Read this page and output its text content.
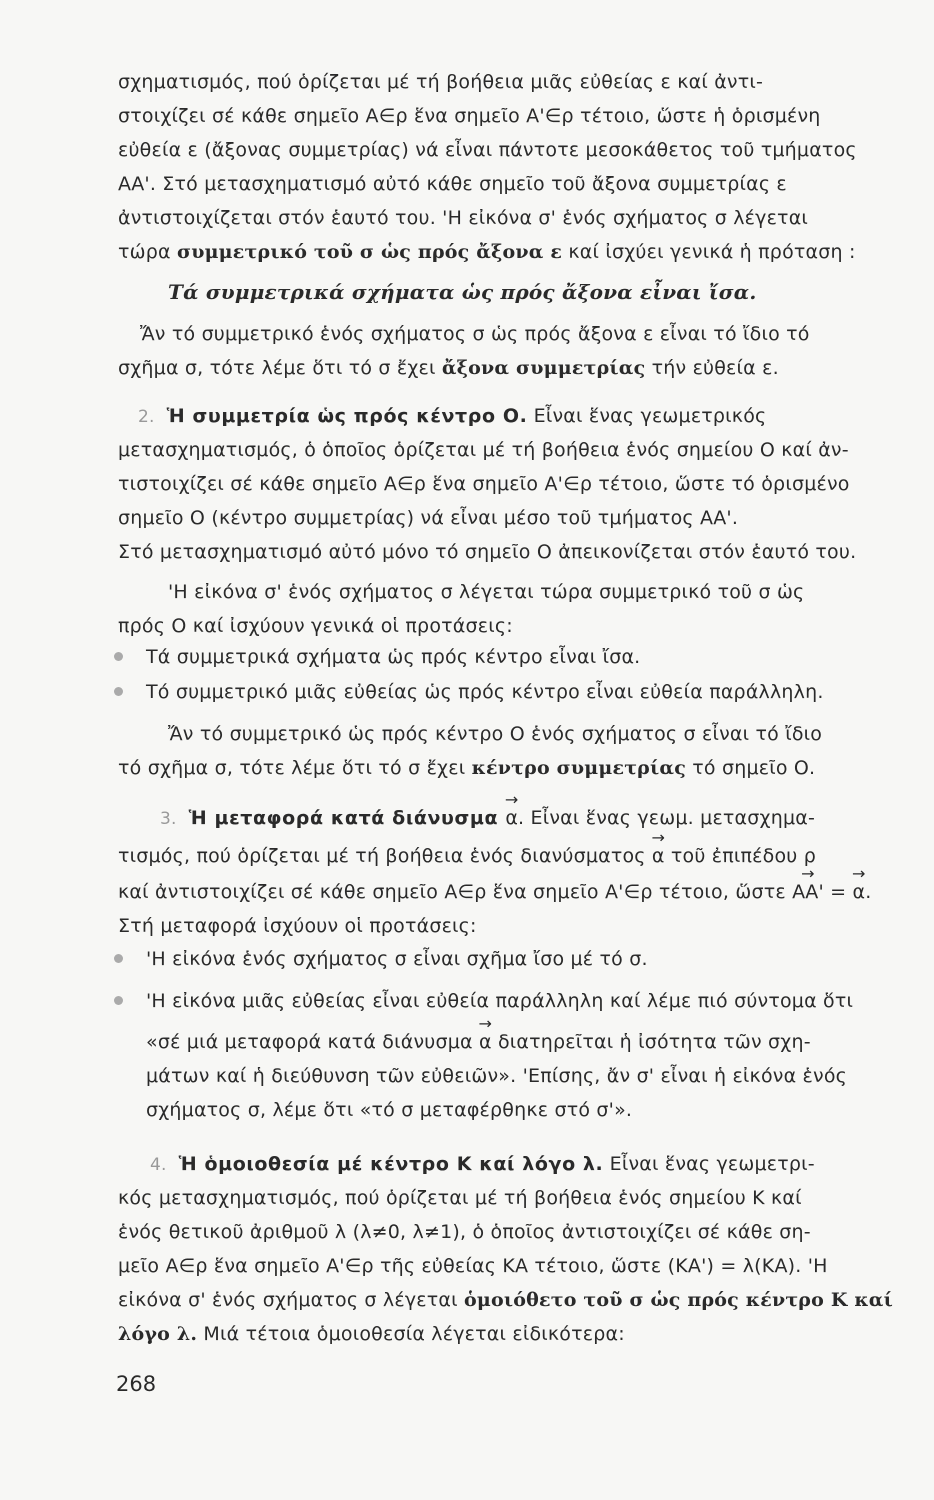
σχηματισμός, πού ὁρίζεται μέ τή βοήθεια μιᾶς εὐθείας ε καί ἀντι-
στοιχίζει σέ κάθε σημεῖο Α∈ρ ἕνα σημεῖο Α'∈ρ τέτοιο, ὥστε ἡ ὁρισμένη
εὐθεία ε (ἄξονας συμμετρίας) νά εἶναι πάντοτε μεσοκάθετος τοῦ τμήματος
ΑΑ'. Στό μετασχηματισμό αὐτό κάθε σημεῖο τοῦ ἄξονα συμμετρίας ε
ἀντιστοιχίζεται στόν ἑαυτό του. 'Η εἰκόνα σ' ἑνός σχήματος σ λέγεται
τώρα συμμετρικό τοῦ σ ὡς πρός ἄξονα ε καί ἰσχύει γενικά ἡ πρόταση :
Τά συμμετρικά σχήματα ὡς πρός ἄξονα εἶναι ἴσα.
Ἄν τό συμμετρικό ἑνός σχήματος σ ὡς πρός ἄξονα ε εἶναι τό ἴδιο τό
σχῆμα σ, τότε λέμε ὅτι τό σ ἔχει ἄξονα συμμετρίας τήν εὐθεία ε.
2. Ἡ συμμετρία ὡς πρός κέντρο Ο. Εἶναι ἕνας γεωμετρικός
μετασχηματισμός, ὁ ὁποῖος ὁρίζεται μέ τή βοήθεια ἑνός σημείου Ο καί ἀν-
τιστοιχίζει σέ κάθε σημεῖο Α∈ρ ἕνα σημεῖο Α'∈ρ τέτοιο, ὥστε τό ὁρισμένο
σημεῖο Ο (κέντρο συμμετρίας) νά εἶναι μέσο τοῦ τμήματος ΑΑ'.
Στό μετασχηματισμό αὐτό μόνο τό σημεῖο Ο ἀπεικονίζεται στόν ἑαυτό του.
'Η εἰκόνα σ' ἑνός σχήματος σ λέγεται τώρα συμμετρικό τοῦ σ ὡς
πρός Ο καί ἰσχύουν γενικά οἱ προτάσεις:
Τά συμμετρικά σχήματα ὡς πρός κέντρο εἶναι ἴσα.
Τό συμμετρικό μιᾶς εὐθείας ὡς πρός κέντρο εἶναι εὐθεία παράλληλη.
Ἄν τό συμμετρικό ὡς πρός κέντρο Ο ἑνός σχήματος σ εἶναι τό ἴδιο
τό σχῆμα σ, τότε λέμε ὅτι τό σ ἔχει κέντρο συμμετρίας τό σημεῖο Ο.
3. Ἡ μεταφορά κατά διάνυσμα → α. Εἶναι ἕνας γεωμ. μετασχημα-
τισμός, πού ὁρίζεται μέ τή βοήθεια ἑνός διανύσματος → α τοῦ ἐπιπέδου ρ
καί ἀντιστοιχίζει σέ κάθε σημεῖο Α∈ρ ἕνα σημεῖο Α'∈ρ τέτοιο, ὥστε → ΑΑ' = → α.
Στή μεταφορά ἰσχύουν οἱ προτάσεις:
'Η εἰκόνα ἑνός σχήματος σ εἶναι σχῆμα ἴσο μέ τό σ.
'Η εἰκόνα μιᾶς εὐθείας εἶναι εὐθεία παράλληλη καί λέμε πιό σύντομα ὅτι
«σέ μιά μεταφορά κατά διάνυσμα → α διατηρεῖται ἡ ἰσότητα τῶν σχη-
μάτων καί ἡ διεύθυνση τῶν εὐθειῶν». 'Επίσης, ἄν σ' εἶναι ἡ εἰκόνα ἑνός
σχήματος σ, λέμε ὅτι «τό σ μεταφέρθηκε στό σ'».
4. Ἡ ὁμοιοθεσία μέ κέντρο Κ καί λόγο λ. Εἶναι ἕνας γεωμετρι-
κός μετασχηματισμός, πού ὁρίζεται μέ τή βοήθεια ἑνός σημείου Κ καί
ἑνός θετικοῦ ἀριθμοῦ λ (λ≠0, λ≠1), ὁ ὁποῖος ἀντιστοιχίζει σέ κάθε ση-
μεῖο Α∈ρ ἕνα σημεῖο Α'∈ρ τῆς εὐθείας ΚΑ τέτοιο, ὥστε (ΚΑ') = λ(ΚΑ). 'Η
εἰκόνα σ' ἑνός σχήματος σ λέγεται ὁμοιόθετο τοῦ σ ὡς πρός κέντρο Κ καί
λόγο λ. Μιά τέτοια ὁμοιοθεσία λέγεται εἰδικότερα:
268
